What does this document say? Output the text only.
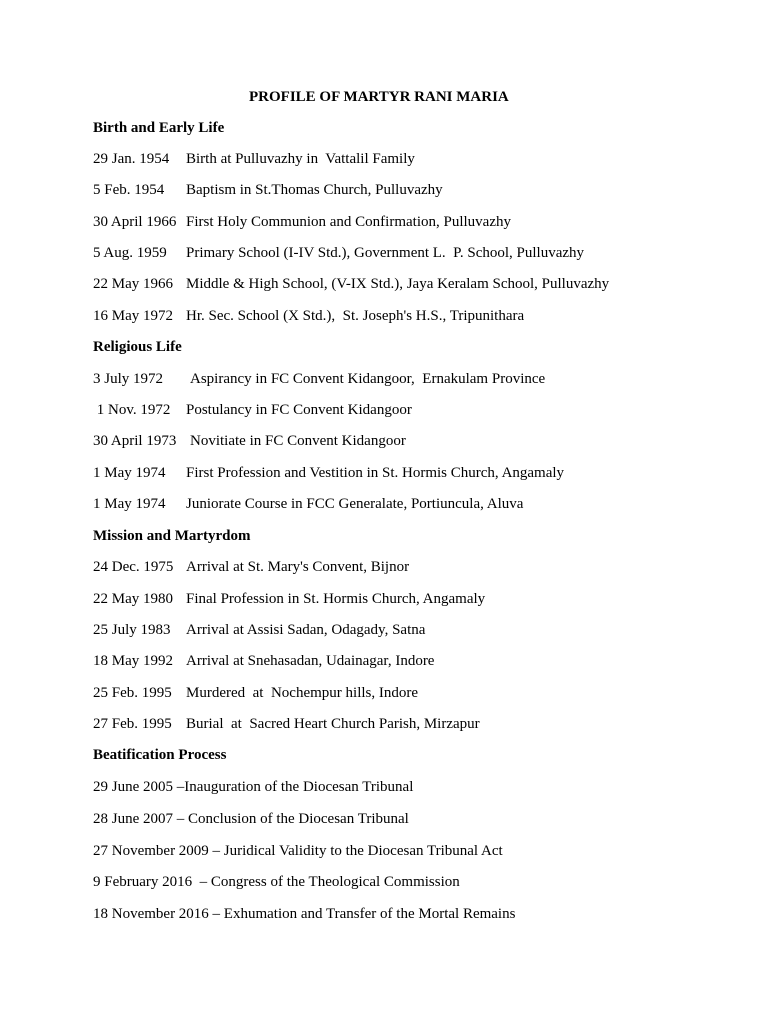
PROFILE OF MARTYR RANI MARIA
Birth and Early Life
29 Jan. 1954 Birth at Pulluvazhy in  Vattalil Family
5 Feb. 1954 Baptism in St.Thomas Church, Pulluvazhy
30 April 1966 First Holy Communion and Confirmation, Pulluvazhy
5 Aug. 1959 Primary School (I-IV Std.), Government L.  P. School, Pulluvazhy
22 May 1966 Middle & High School, (V-IX Std.), Jaya Keralam School, Pulluvazhy
16 May 1972 Hr. Sec. School (X Std.),  St. Joseph's H.S., Tripunithara
Religious Life
3 July 1972 Aspirancy in FC Convent Kidangoor,  Ernakulam Province
1 Nov. 1972 Postulancy in FC Convent Kidangoor
30 April 1973 Novitiate in FC Convent Kidangoor
1 May 1974 First Profession and Vestition in St. Hormis Church, Angamaly
1 May 1974 Juniorate Course in FCC Generalate, Portiuncula, Aluva
Mission and Martyrdom
24 Dec. 1975 Arrival at St. Mary's Convent, Bijnor
22 May 1980 Final Profession in St. Hormis Church, Angamaly
25 July 1983 Arrival at Assisi Sadan, Odagady, Satna
18 May 1992 Arrival at Snehasadan, Udainagar, Indore
25 Feb. 1995 Murdered  at  Nochempur hills, Indore
27 Feb. 1995 Burial  at  Sacred Heart Church Parish, Mirzapur
Beatification Process
29 June 2005 –Inauguration of the Diocesan Tribunal
28 June 2007 – Conclusion of the Diocesan Tribunal
27 November 2009 – Juridical Validity to the Diocesan Tribunal Act
9 February 2016  – Congress of the Theological Commission
18 November 2016 – Exhumation and Transfer of the Mortal Remains
